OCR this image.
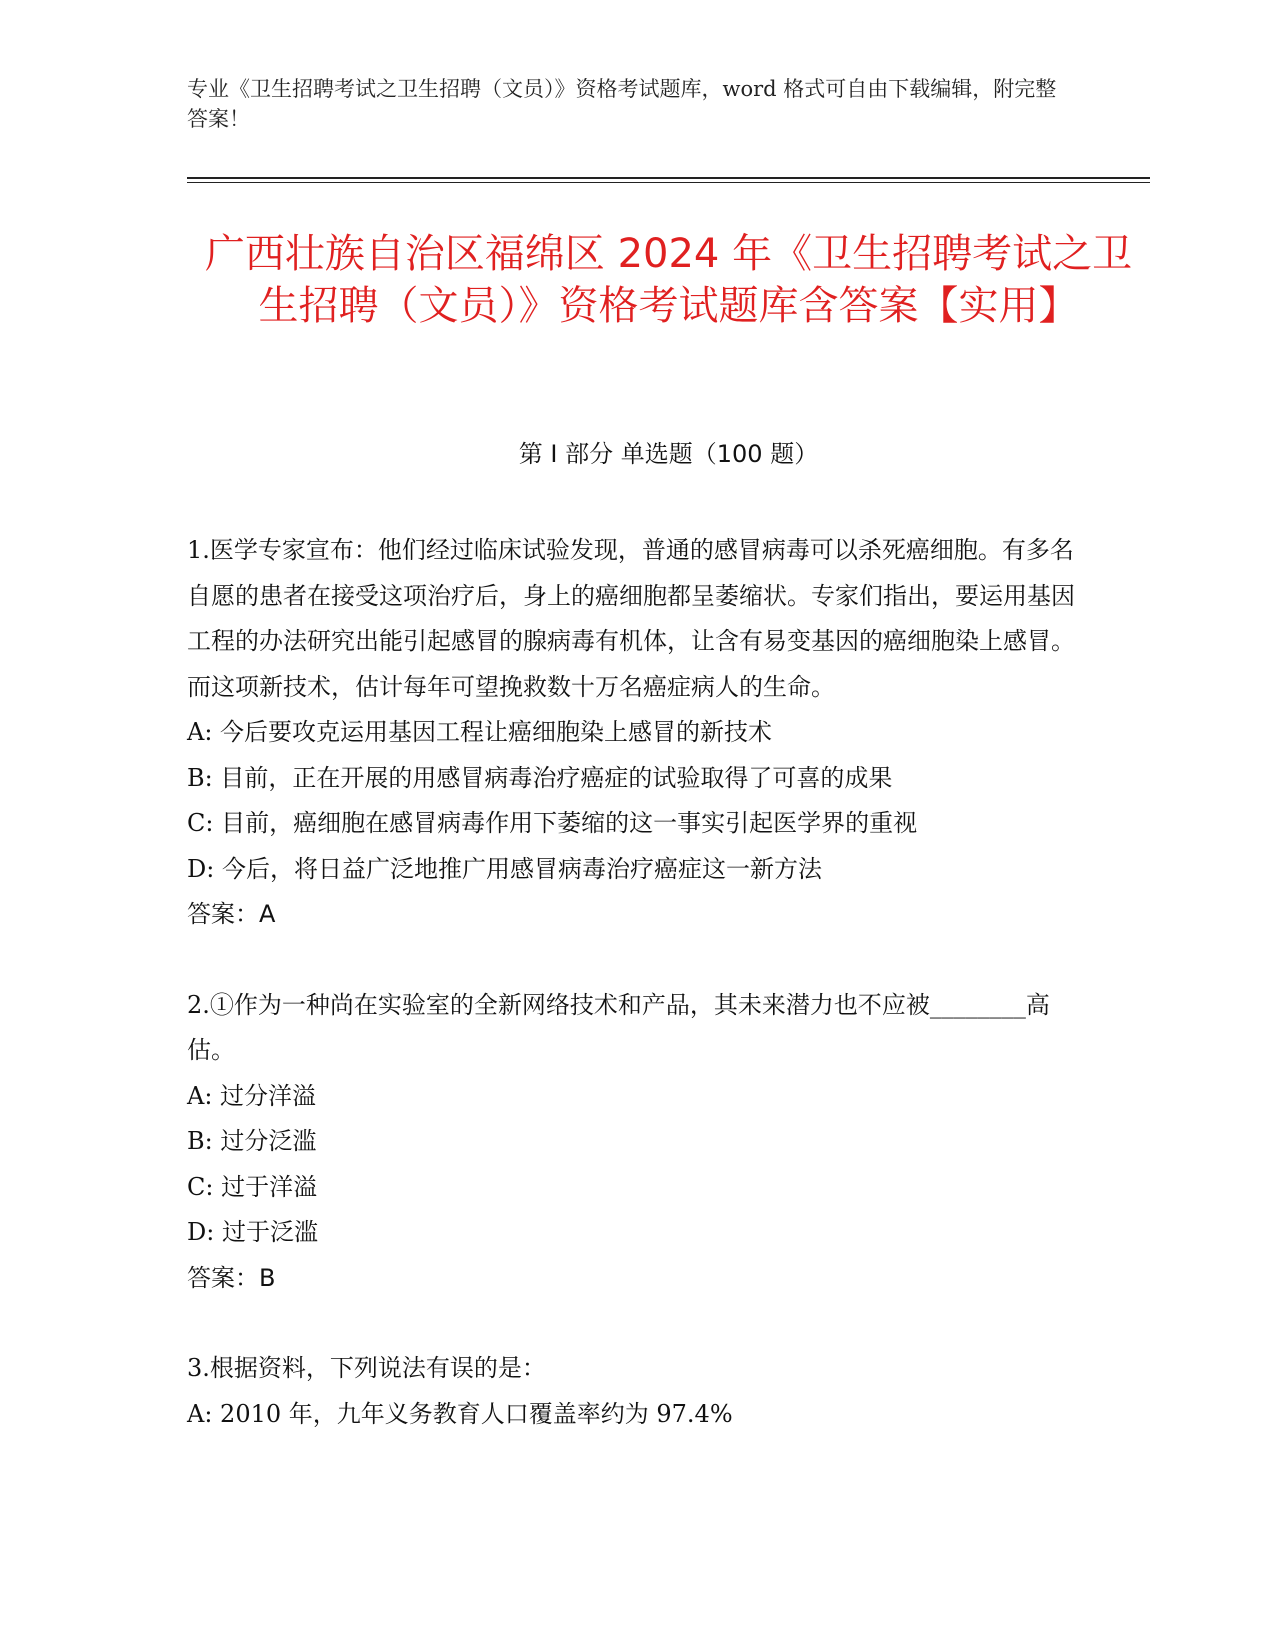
专业《卫生招聘考试之卫生招聘（文员）》资格考试题库，word 格式可自由下载编辑，附完整答案！
广西壮族自治区福绵区 2024 年《卫生招聘考试之卫生招聘（文员）》资格考试题库含答案【实用】
第 I 部分 单选题（100 题）

1.医学专家宣布：他们经过临床试验发现，普通的感冒病毒可以杀死癌细胞。有多名自愿的患者在接受这项治疗后，身上的癌细胞都呈萎缩状。专家们指出，要运用基因工程的办法研究出能引起感冒的腺病毒有机体，让含有易变基因的癌细胞染上感冒。而这项新技术，估计每年可望挽救数十万名癌症病人的生命。

A: 今后要攻克运用基因工程让癌细胞染上感冒的新技术

B: 目前，正在开展的用感冒病毒治疗癌症的试验取得了可喜的成果

C: 目前，癌细胞在感冒病毒作用下萎缩的这一事实引起医学界的重视

D: 今后，将日益广泛地推广用感冒病毒治疗癌症这一新方法

答案：A

2.①作为一种尚在实验室的全新网络技术和产品，其未来潜力也不应被________高估。

A: 过分洋溢

B: 过分泛滥

C: 过于洋溢

D: 过于泛滥

答案：B

3.根据资料，下列说法有误的是：

A: 2010 年，九年义务教育人口覆盖率约为 97.4%
